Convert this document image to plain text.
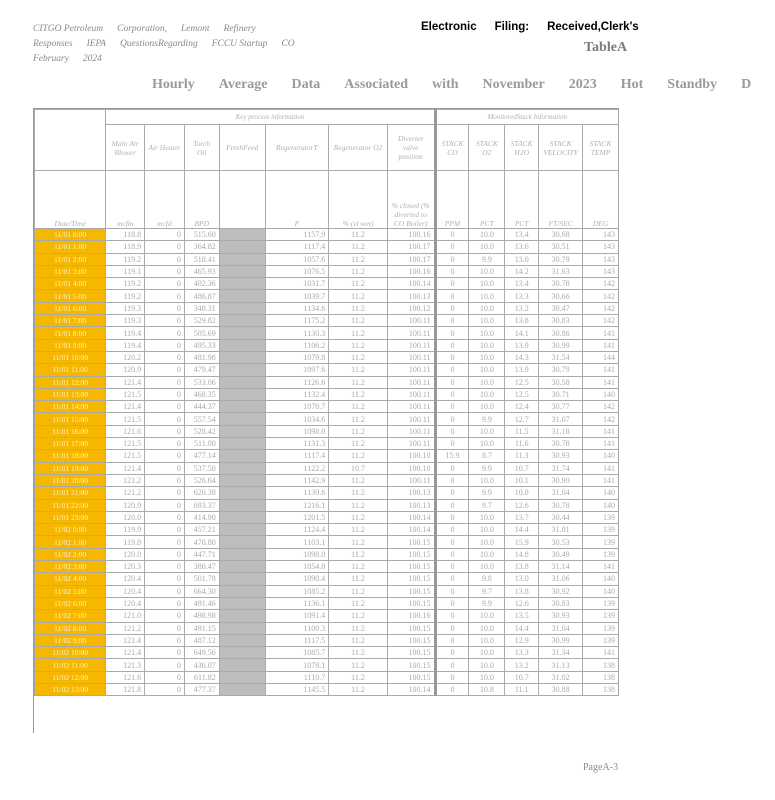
CITGO Petroleum Corporation, Lemont Refinery
Responses IEPA QuestionsRegarding FCCU Startup CO
February 2024
Electronic Filing: Received,Clerk's
TableA
Hourly Average Data Associated with November 2023 Hot Standby D
	Key process information							MonitoredStack Information				
	Main Air Blower	Air Heater	Torch Oil	FreshFeed	RegeneratorT	Regenerator O2	Diverter valve position	STACK CO	STACK O2	STACK H2O	STACK VELOCITY	STACK TEMP
Date/Time	mcfm	mcfd	BPD		F	% (vl wet)	% closed (% diverted to CO Boiler)	PPM	PCT	PCT	FT/SEC	DEG
11/01 0:00	118.8	0	515.60		1157.9	11.2	100.16	0	10.0	13.4	30.68	143
11/01 1:00	118.9	0	364.82		1117.4	11.2	100.17	0	10.0	13.6	30.51	143
11/01 2:00	119.2	0	518.41		1057.6	11.2	100.17	0	9.9	13.0	30.79	143
11/01 3:00	119.1	0	465.93		1076.5	11.2	100.16	0	10.0	14.2	31.63	143
11/01 4:00	119.2	0	402.36		1031.7	11.2	100.14	0	10.0	13.4	30.78	142
11/01 5:00	119.2	0	486.87		1039.7	11.2	100.13	0	10.0	13.3	30.66	142
11/01 6:00	119.3	0	348.31		1134.6	11.2	100.12	0	10.0	13.2	30.47	142
11/01 7:00	119.3	0	529.82		1175.2	11.2	100.11	0	10.0	13.8	30.83	142
11/01 8:00	119.4	0	505.69		1130.3	11.2	100.11	0	10.0	14.1	30.86	141
11/01 9:00	119.4	0	495.33		1106.2	11.2	100.11	0	10.0	13.9	30.99	141
11/01 10:00	120.2	0	481.98		1079.8	11.2	100.11	0	10.0	14.3	31.54	144
11/01 11:00	120.9	0	479.47		1097.6	11.2	100.11	0	10.0	13.9	30.79	141
11/01 12:00	121.4	0	533.06		1126.6	11.2	100.11	0	10.0	12.5	30.58	141
11/01 13:00	121.5	0	468.35		1132.4	11.2	100.11	0	10.0	12.5	30.71	140
11/01 14:00	121.4	0	444.37		1070.7	11.2	100.11	0	10.0	12.4	30.77	142
11/01 15:00	121.5	0	557.54		1034.6	11.2	100.11	0	9.9	12.7	31.07	142
11/01 16:00	121.6	0	528.42		1098.0	11.2	100.11	0	10.0	11.5	31.18	141
11/01 17:00	121.5	0	511.00		1131.3	11.2	100.11	0	10.0	11.6	30.78	141
11/01 18:00	121.5	0	477.14		1117.4	11.2	100.10	15.9	8.7	11.3	30.93	140
11/01 19:00	121.4	0	537.50		1122.2	10.7	100.10	0	9.9	10.7	31.74	141
11/01 20:00	121.2	0	526.64		1142.9	11.2	100.11	0	10.0	10.1	30.90	141
11/01 21:00	121.2	0	620.38		1130.6	11.2	100.13	0	9.9	10.8	31.04	140
11/01 22:00	120.9	0	693.37		1216.1	11.2	100.13	0	9.7	12.6	30.78	140
11/01 23:00	120.0	0	414.90		1201.5	11.2	100.14	0	10.0	13.7	30.44	139
11/02 0:00	119.9	0	457.21		1124.4	11.2	100.14	0	10.0	14.4	31.01	139
11/02 1:00	119.8	0	470.80		1103.1	11.2	100.15	0	10.0	15.9	30.53	139
11/02 2:00	120.0	0	447.71		1098.0	11.2	100.15	0	10.0	14.8	30.49	139
11/02 3:00	120.3	0	380.47		1054.8	11.2	100.15	0	10.0	13.8	31.14	141
11/02 4:00	120.4	0	501.78		1090.4	11.2	100.15	0	9.8	13.0	31.06	140
11/02 5:00	120.4	0	664.30		1085.2	11.2	100.15	0	9.7	13.8	30.92	140
11/02 6:00	120.4	0	491.46		1136.1	11.2	100.15	0	9.9	12.6	30.83	139
11/02 7:00	121.0	0	498.98		1091.4	11.2	100.16	0	10.0	13.5	30.93	139
11/02 8:00	121.2	0	491.15		1100.3	11.2	100.15	0	10.0	14.4	31.04	139
11/02 9:00	121.4	0	487.12		1117.5	11.2	100.15	0	10.0	12.9	30.99	139
11/02 10:00	121.4	0	649.56		1085.7	11.2	100.15	0	10.0	13.3	31.34	141
11/02 11:00	121.3	0	436.07		1078.1	11.2	100.15	0	10.0	13.2	31.13	138
11/02 12:00	121.6	0	611.82		1110.7	11.2	100.15	0	10.0	10.7	31.02	138
11/02 13:00	121.8	0	477.37		1145.5	11.2	100.14	0	10.8	11.1	30.88	138
PageA-3
